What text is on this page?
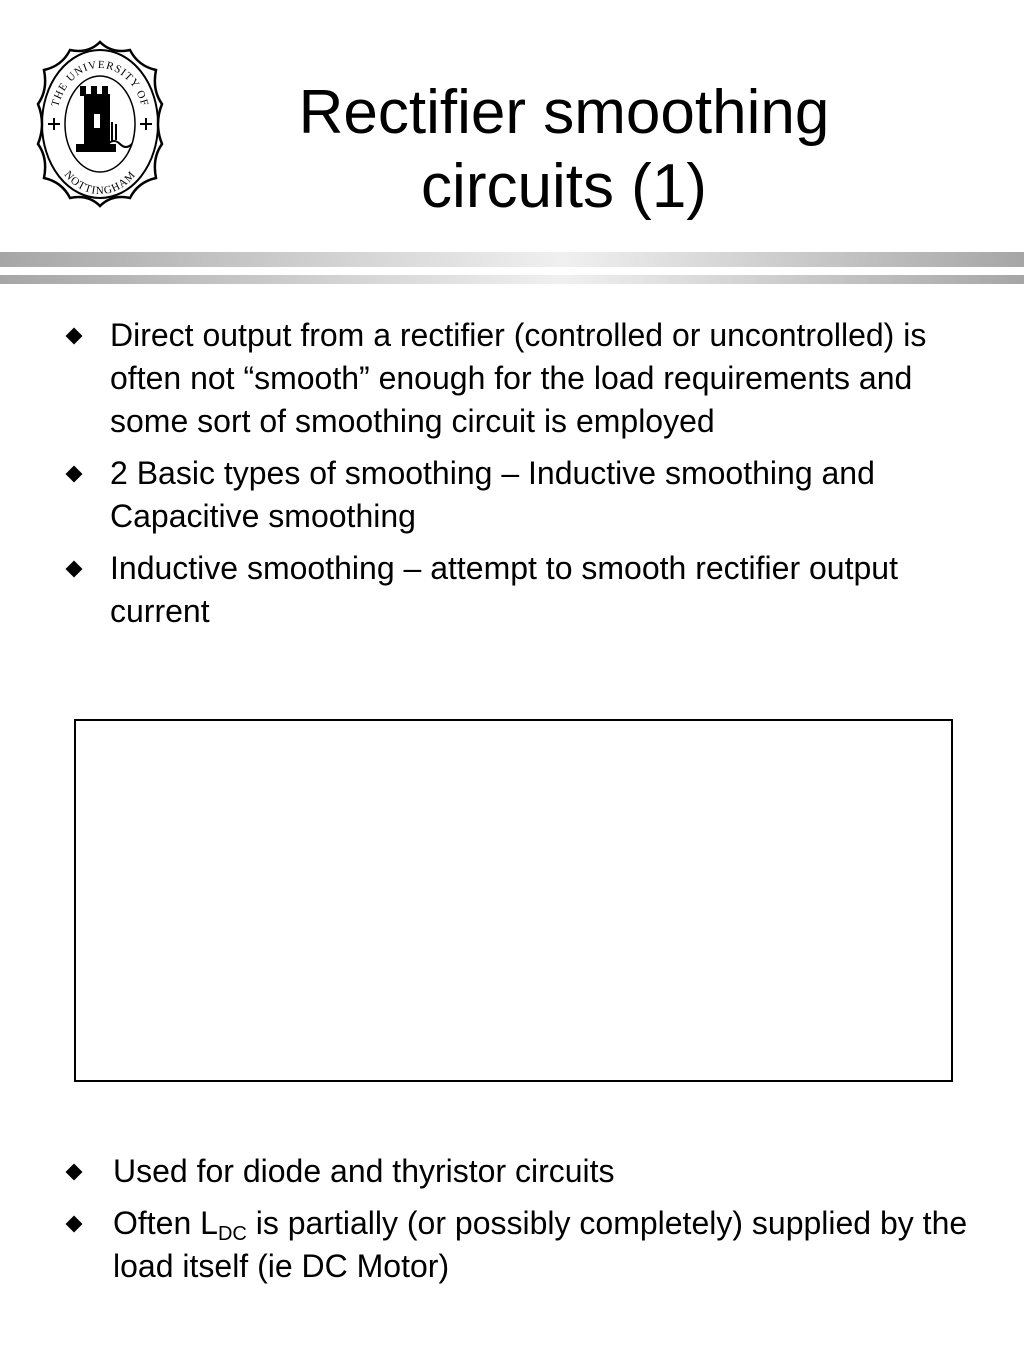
THE UNIVERSITY OF
NOTTINGHAM
Rectifier smoothing circuits (1)
Direct output from a rectifier (controlled or uncontrolled) is often not “smooth” enough for the load requirements and some sort of smoothing circuit is employed
2 Basic types of smoothing – Inductive smoothing and Capacitive smoothing
Inductive smoothing – attempt to smooth rectifier output current
Used for diode and thyristor circuits
Often $L_{DC}$ is partially (or possibly completely) supplied by the load itself (ie DC Motor)
